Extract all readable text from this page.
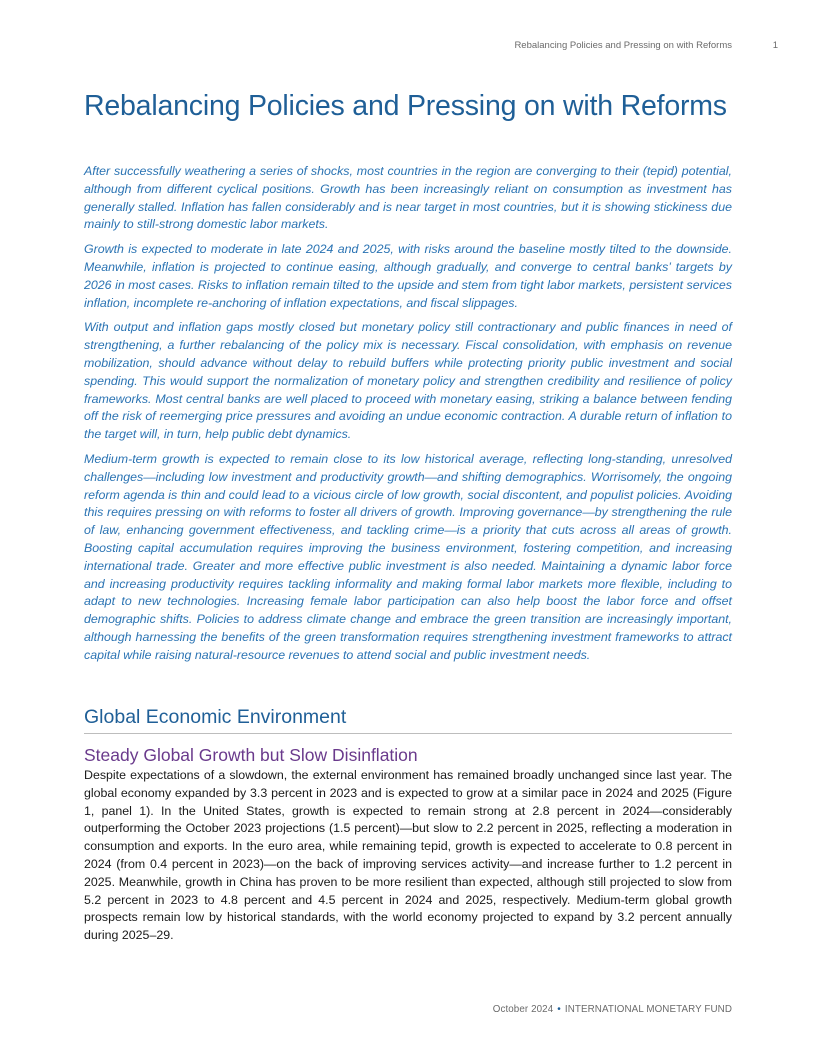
Rebalancing Policies and Pressing on with Reforms	1
Rebalancing Policies and Pressing on with Reforms

After successfully weathering a series of shocks, most countries in the region are converging to their (tepid) potential, although from different cyclical positions. Growth has been increasingly reliant on consumption as investment has generally stalled. Inflation has fallen considerably and is near target in most countries, but it is showing stickiness due mainly to still-strong domestic labor markets.

Growth is expected to moderate in late 2024 and 2025, with risks around the baseline mostly tilted to the downside. Meanwhile, inflation is projected to continue easing, although gradually, and converge to central banks’ targets by 2026 in most cases. Risks to inflation remain tilted to the upside and stem from tight labor markets, persistent services inflation, incomplete re-anchoring of inflation expectations, and fiscal slippages.

With output and inflation gaps mostly closed but monetary policy still contractionary and public finances in need of strengthening, a further rebalancing of the policy mix is necessary. Fiscal consolidation, with emphasis on revenue mobilization, should advance without delay to rebuild buffers while protecting priority public investment and social spending. This would support the normalization of monetary policy and strengthen credibility and resilience of policy frameworks. Most central banks are well placed to proceed with monetary easing, striking a balance between fending off the risk of reemerging price pressures and avoiding an undue economic contraction. A durable return of inflation to the target will, in turn, help public debt dynamics.

Medium-term growth is expected to remain close to its low historical average, reflecting long-standing, unresolved challenges—including low investment and productivity growth—and shifting demographics. Worrisomely, the ongoing reform agenda is thin and could lead to a vicious circle of low growth, social discontent, and populist policies. Avoiding this requires pressing on with reforms to foster all drivers of growth. Improving governance—by strengthening the rule of law, enhancing government effectiveness, and tackling crime—is a priority that cuts across all areas of growth. Boosting capital accumulation requires improving the business environment, fostering competition, and increasing international trade. Greater and more effective public investment is also needed. Maintaining a dynamic labor force and increasing productivity requires tackling informality and making formal labor markets more flexible, including to adapt to new technologies. Increasing female labor participation can also help boost the labor force and offset demographic shifts. Policies to address climate change and embrace the green transition are increasingly important, although harnessing the benefits of the green transformation requires strengthening investment frameworks to attract capital while raising natural-resource revenues to attend social and public investment needs.

Global Economic Environment
Steady Global Growth but Slow Disinflation

Despite expectations of a slowdown, the external environment has remained broadly unchanged since last year. The global economy expanded by 3.3 percent in 2023 and is expected to grow at a similar pace in 2024 and 2025 (Figure 1, panel 1). In the United States, growth is expected to remain strong at 2.8 percent in 2024—considerably outperforming the October 2023 projections (1.5 percent)—but slow to 2.2 percent in 2025, reflecting a moderation in consumption and exports. In the euro area, while remaining tepid, growth is expected to accelerate to 0.8 percent in 2024 (from 0.4 percent in 2023)—on the back of improving services activity—and increase further to 1.2 percent in 2025. Meanwhile, growth in China has proven to be more resilient than expected, although still projected to slow from 5.2 percent in 2023 to 4.8 percent and 4.5 percent in 2024 and 2025, respectively. Medium-term global growth prospects remain low by historical standards, with the world economy projected to expand by 3.2 percent annually during 2025–29.

October 2024 • INTERNATIONAL MONETARY FUND
